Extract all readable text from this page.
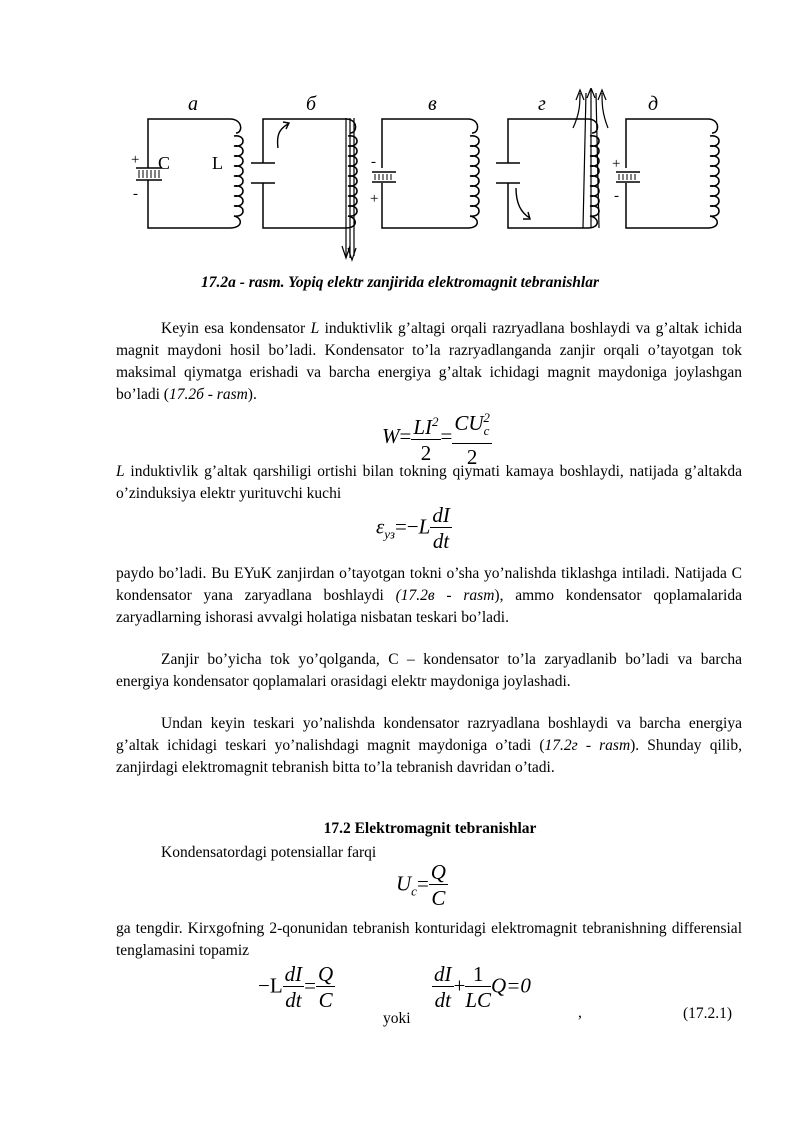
а
+
-
C L
б	в
-
+
г	д
+
-
17.2a - rasm. Yopiq elektr zanjirida elektromagnit tebranishlar

Keyin esa kondensator L induktivlik g’altagi orqali razryadlana boshlaydi va g’altak ichida magnit maydoni hosil bo’ladi. Kondensator to’la razryadlanganda zanjir orqali o’tayotgan tok maksimal qiymatga erishadi va barcha energiya g’altak ichidagi magnit maydoniga joylashgan bo’ladi (17.2б - rasm).

$W= \frac{LI^2}{2} = \frac{CU_c^2}{2}$

L induktivlik g’altak qarshiligi ortishi bilan tokning qiymati kamaya boshlaydi, natijada g’altakda o’zinduksiya elektr yurituvchi kuchi

$\varepsilon_{уз}=-L \frac{dI}{dt}$

paydo bo’ladi. Bu EYuK zanjirdan o’tayotgan tokni o’sha yo’nalishda tiklashga intiladi. Natijada C kondensator yana zaryadlana boshlaydi (17.2в - rasm), ammo kondensator qoplamalarida zaryadlarning ishorasi avvalgi holatiga nisbatan teskari bo’ladi.

Zanjir bo’yicha tok yo’qolganda, C – kondensator to’la zaryadlanib bo’ladi va barcha energiya kondensator qoplamalari orasidagi elektr maydoniga joylashadi.

Undan keyin teskari yo’nalishda kondensator razryadlana boshlaydi va barcha energiya g’altak ichidagi teskari yo’nalishdagi magnit maydoniga o’tadi (17.2г - rasm). Shunday qilib, zanjirdagi elektromagnit tebranish bitta to’la tebranish davridan o’tadi.

17.2 Elektromagnit tebranishlar

Kondensatordagi potensiallar farqi

$U_c= \frac{Q}{C}$

ga tengdir. Kirxgofning 2-qonunidan tebranish konturidagi elektromagnit tebranishning differensial tenglamasini topamiz

$-L \frac{dI}{dt} = \frac{Q}{C}$
yoki
$\frac{dI}{dt} + \frac{1}{LC} Q=0$
,	(17.2.1)
